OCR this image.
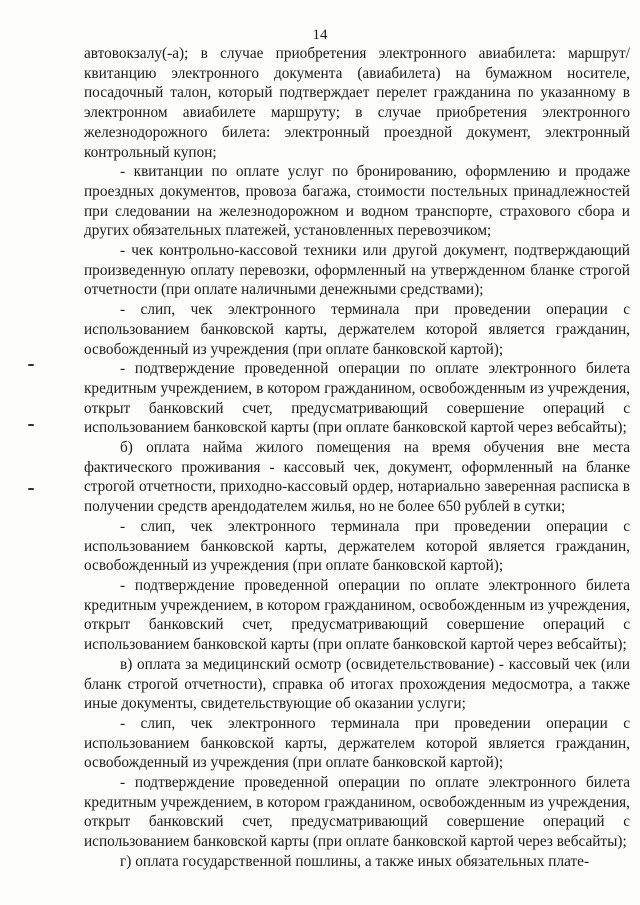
14

автовокзалу(-а); в случае приобретения электронного авиабилета: маршрут/квитанцию электронного документа (авиабилета) на бумажном носителе, посадочный талон, который подтверждает перелет гражданина по указанному в электронном авиабилете маршруту; в случае приобретения электронного железнодорожного билета: электронный проездной документ, электронный контрольный купон;

- квитанции по оплате услуг по бронированию, оформлению и продаже проездных документов, провоза багажа, стоимости постельных принадлежностей при следовании на железнодорожном и водном транспорте, страхового сбора и других обязательных платежей, установленных перевозчиком;

- чек контрольно-кассовой техники или другой документ, подтверждающий произведенную оплату перевозки, оформленный на утвержденном бланке строгой отчетности (при оплате наличными денежными средствами);

- слип, чек электронного терминала при проведении операции с использованием банковской карты, держателем которой является гражданин, освобожденный из учреждения (при оплате банковской картой);

- подтверждение проведенной операции по оплате электронного билета кредитным учреждением, в котором гражданином, освобожденным из учреждения, открыт банковский счет, предусматривающий совершение операций с использованием банковской карты (при оплате банковской картой через вебсайты);

б) оплата найма жилого помещения на время обучения вне места фактического проживания - кассовый чек, документ, оформленный на бланке строгой отчетности, приходно-кассовый ордер, нотариально заверенная расписка в получении средств арендодателем жилья, но не более 650 рублей в сутки;

- слип, чек электронного терминала при проведении операции с использованием банковской карты, держателем которой является гражданин, освобожденный из учреждения (при оплате банковской картой);

- подтверждение проведенной операции по оплате электронного билета кредитным учреждением, в котором гражданином, освобожденным из учреждения, открыт банковский счет, предусматривающий совершение операций с использованием банковской карты (при оплате банковской картой через вебсайты);

в) оплата за медицинский осмотр (освидетельствование) - кассовый чек (или бланк строгой отчетности), справка об итогах прохождения медосмотра, а также иные документы, свидетельствующие об оказании услуги;

- слип, чек электронного терминала при проведении операции с использованием банковской карты, держателем которой является гражданин, освобожденный из учреждения (при оплате банковской картой);

- подтверждение проведенной операции по оплате электронного билета кредитным учреждением, в котором гражданином, освобожденным из учреждения, открыт банковский счет, предусматривающий совершение операций с использованием банковской карты (при оплате банковской картой через вебсайты);

г) оплата государственной пошлины, а также иных обязательных плате-
